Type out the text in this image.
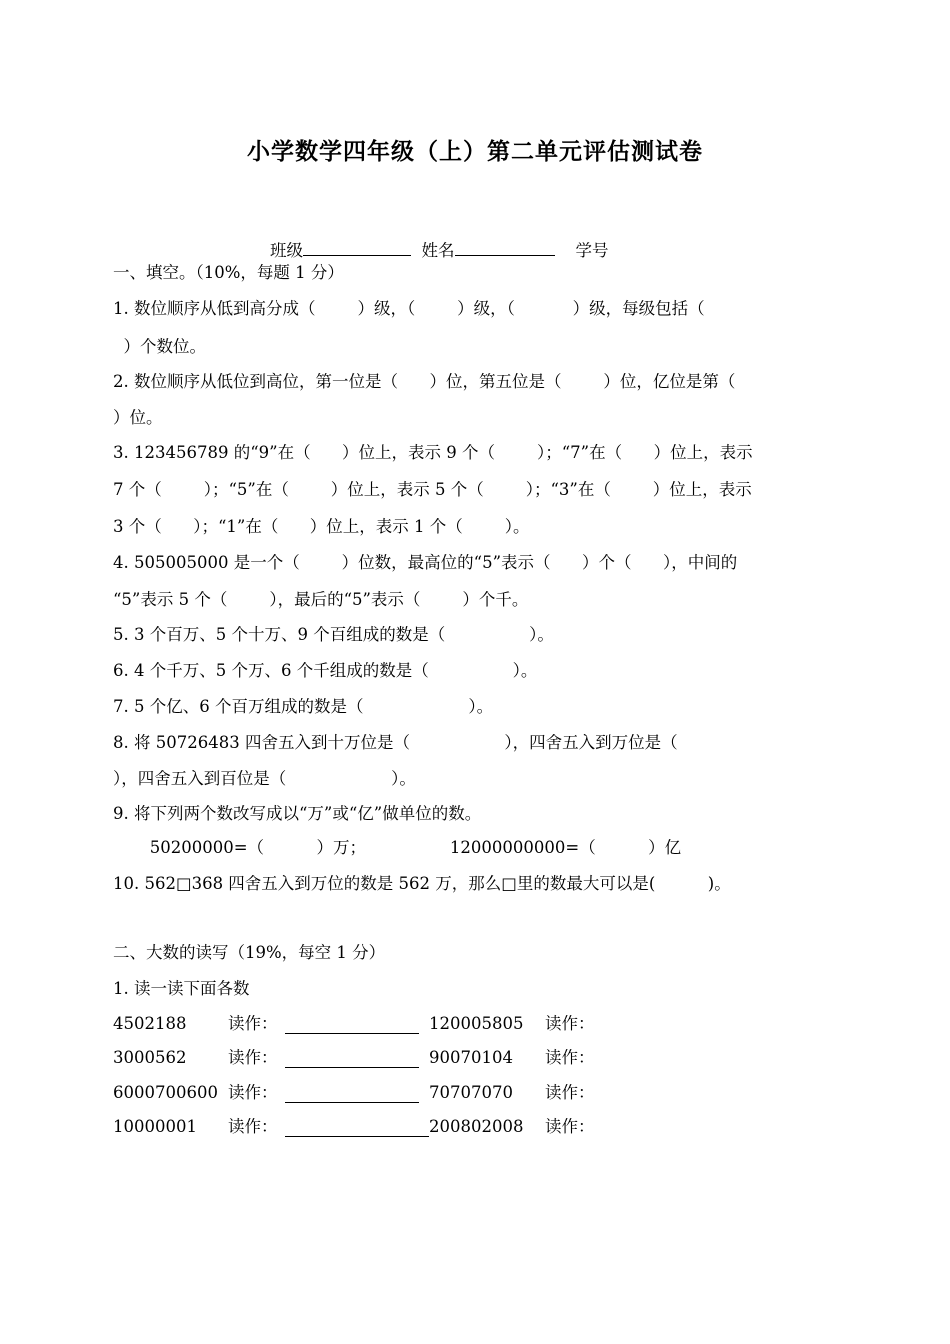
小学数学四年级（上）第二单元评估测试卷
班级	姓名	学号
一、填空。（10%，每题 1 分）
1. 数位顺序从低到高分成（        ）级，（        ）级，（           ）级，每级包括（
）个数位。
2. 数位顺序从低位到高位，第一位是（      ）位，第五位是（        ）位，亿位是第（
）位。
3. 123456789 的“9”在（      ）位上，表示 9 个（        ）；“7”在（      ）位上，表示
7 个（        ）；“5”在（        ）位上，表示 5 个（        ）；“3”在（        ）位上，表示
3 个（      ）；“1”在（      ）位上，表示 1 个（        ）。
4. 505005000 是一个（        ）位数，最高位的“5”表示（      ）个（      ），中间的
“5”表示 5 个（        ），最后的“5”表示（        ）个千。
5. 3 个百万、5 个十万、9 个百组成的数是（                ）。
6. 4 个千万、5 个万、6 个千组成的数是（                ）。
7. 5 个亿、6 个百万组成的数是（                    ）。
8. 将 50726483 四舍五入到十万位是（                  ），四舍五入到万位是（
），四舍五入到百位是（                    ）。
9. 将下列两个数改写成以“万”或“亿”做单位的数。
50200000=（          ）万；                12000000000=（          ）亿
10. 562□368 四舍五入到万位的数是 562 万，那么□里的数最大可以是(          )。
二、大数的读写（19%，每空 1 分）
1. 读一读下面各数
4502188	读作：	120005805 读作：
3000562	读作：	90070104 读作：
6000700600 读作：	70707070 读作：
10000001 读作：	200802008 读作：
